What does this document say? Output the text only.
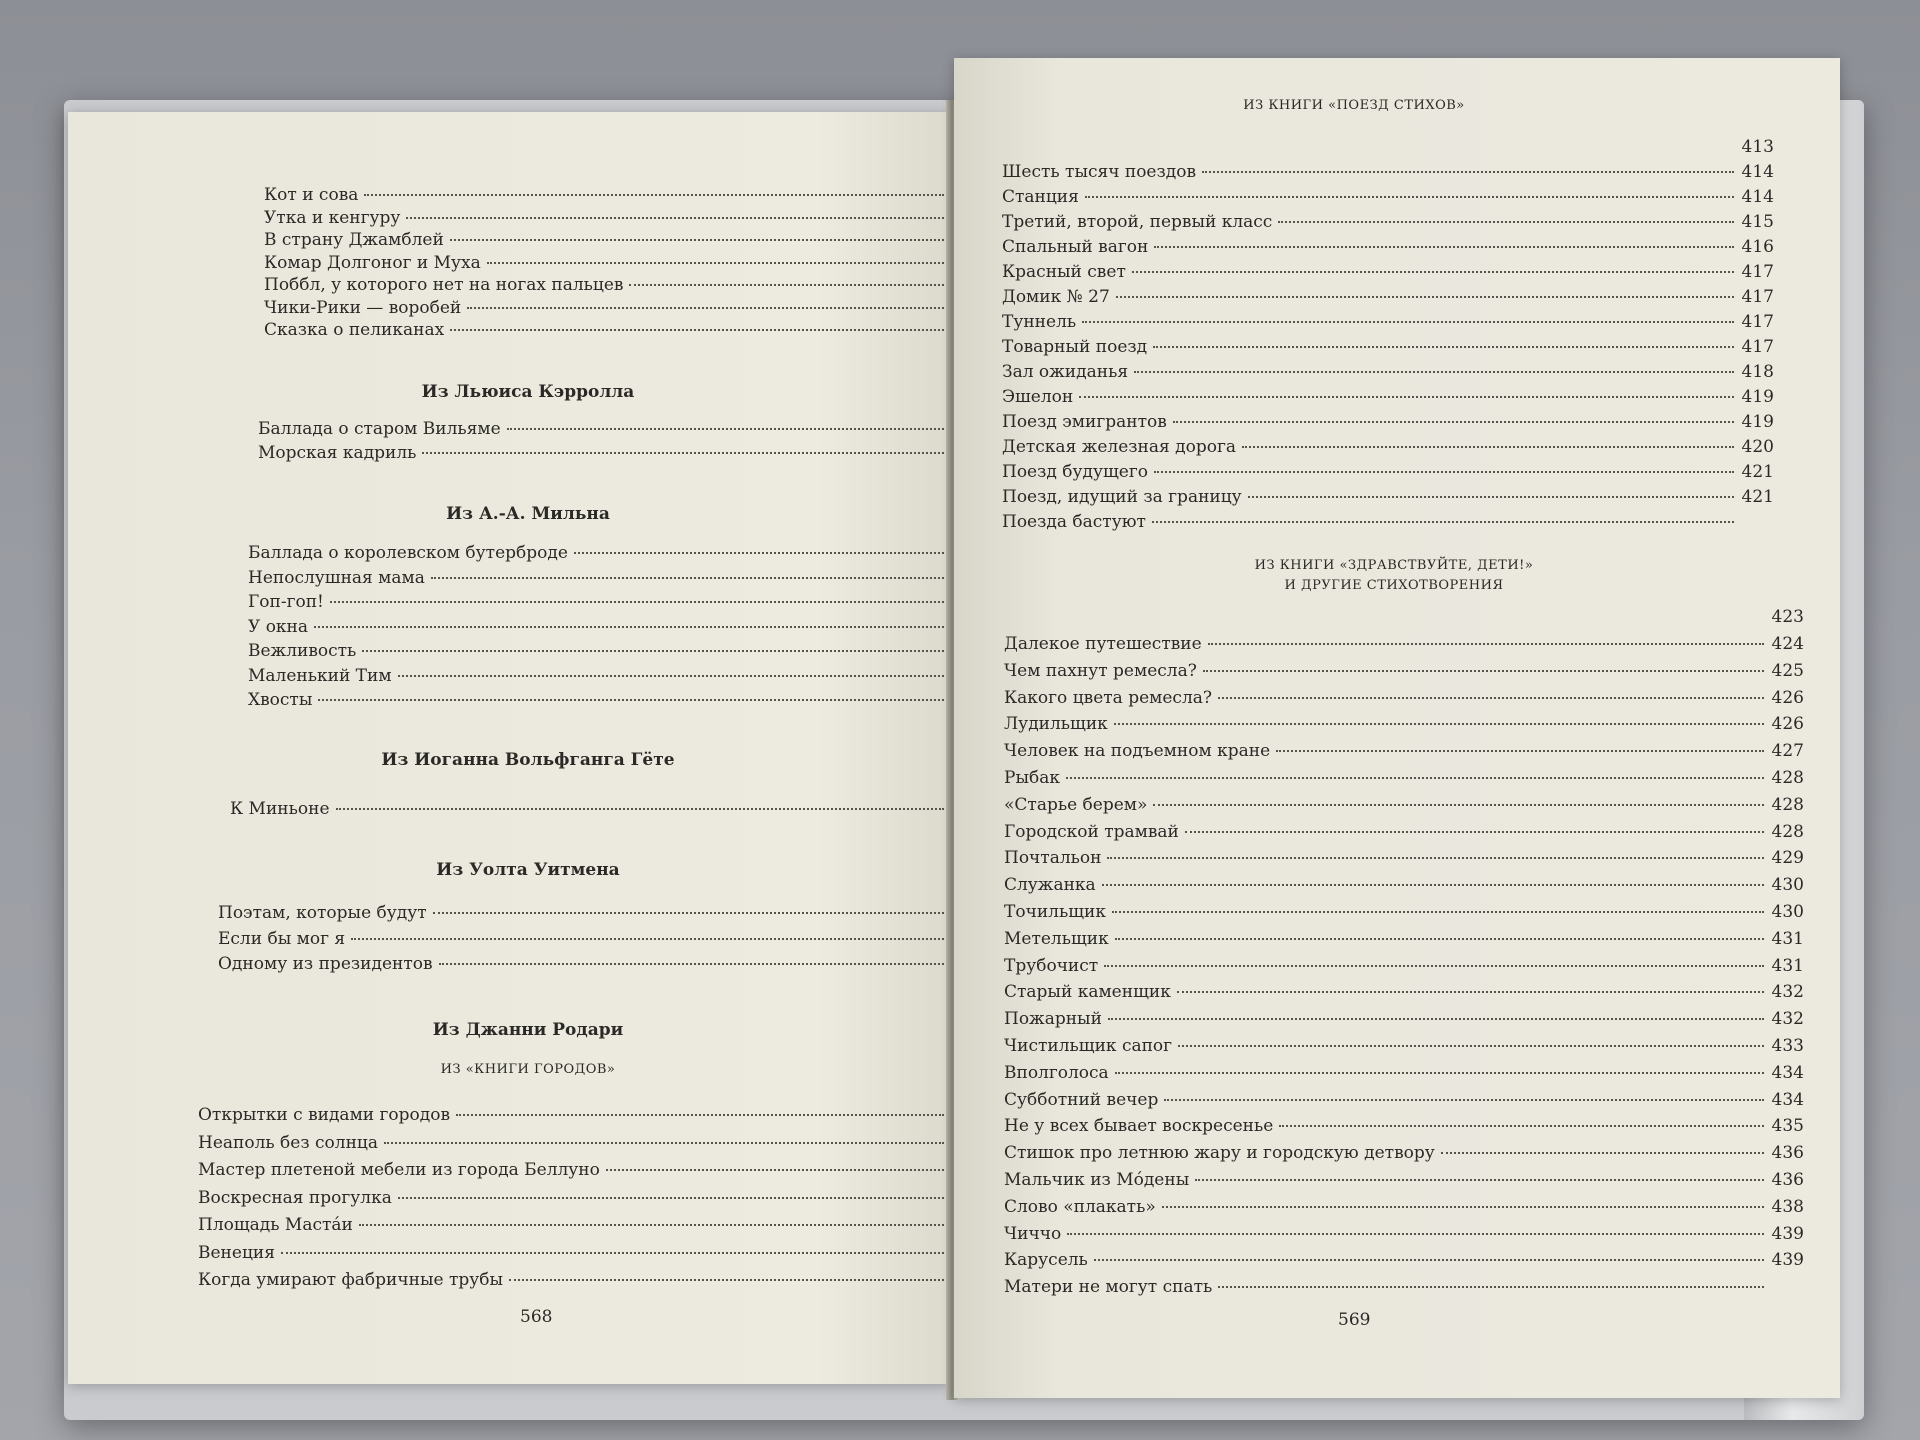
Кот и сова
Утка и кенгуру
В страну Джамблей
Комар Долгоног и Муха
Поббл, у которого нет на ногах пальцев
Чики-Рики — воробей
Сказка о пеликанах
Из Льюиса Кэрролла
Баллада о старом Вильяме
Морская кадриль
Из А.-А. Мильна
Баллада о королевском бутерброде
Непослушная мама
Гоп-гоп!
У окна
Вежливость
Маленький Тим
Хвосты
Из Иоганна Вольфганга Гёте
К Миньоне
Из Уолта Уитмена
Поэтам, которые будут
Если бы мог я
Одному из президентов
Из Джанни Родари
ИЗ «КНИГИ ГОРОДОВ»
Открытки с видами городов
Неаполь без солнца
Мастер плетеной мебели из города Беллуно
Воскресная прогулка
Площадь Мастáи
Венеция
Когда умирают фабричные трубы
568
ИЗ КНИГИ «ПОЕЗД СТИХОВ»
413
Шесть тысяч поездов	414
Станция	414
Третий, второй, первый класс	415
Спальный вагон	416
Красный свет	417
Домик № 27	417
Туннель	417
Товарный поезд	417
Зал ожиданья	418
Эшелон	419
Поезд эмигрантов	419
Детская железная дорога	420
Поезд будущего	421
Поезд, идущий за границу	421
Поезда бастуют
ИЗ КНИГИ «ЗДРАВСТВУЙТЕ, ДЕТИ!»
И ДРУГИЕ СТИХОТВОРЕНИЯ
423
Далекое путешествие	424
Чем пахнут ремесла?	425
Какого цвета ремесла?	426
Лудильщик	426
Человек на подъемном кране	427
Рыбак	428
«Старье берем»	428
Городской трамвай	428
Почтальон	429
Служанка	430
Точильщик	430
Метельщик	431
Трубочист	431
Старый каменщик	432
Пожарный	432
Чистильщик сапог	433
Вполголоса	434
Субботний вечер	434
Не у всех бывает воскресенье	435
Стишок про летнюю жару и городскую детвору	436
Мальчик из Мóдены	436
Слово «плакать»	438
Чиччо	439
Карусель	439
Матери не могут спать
569
